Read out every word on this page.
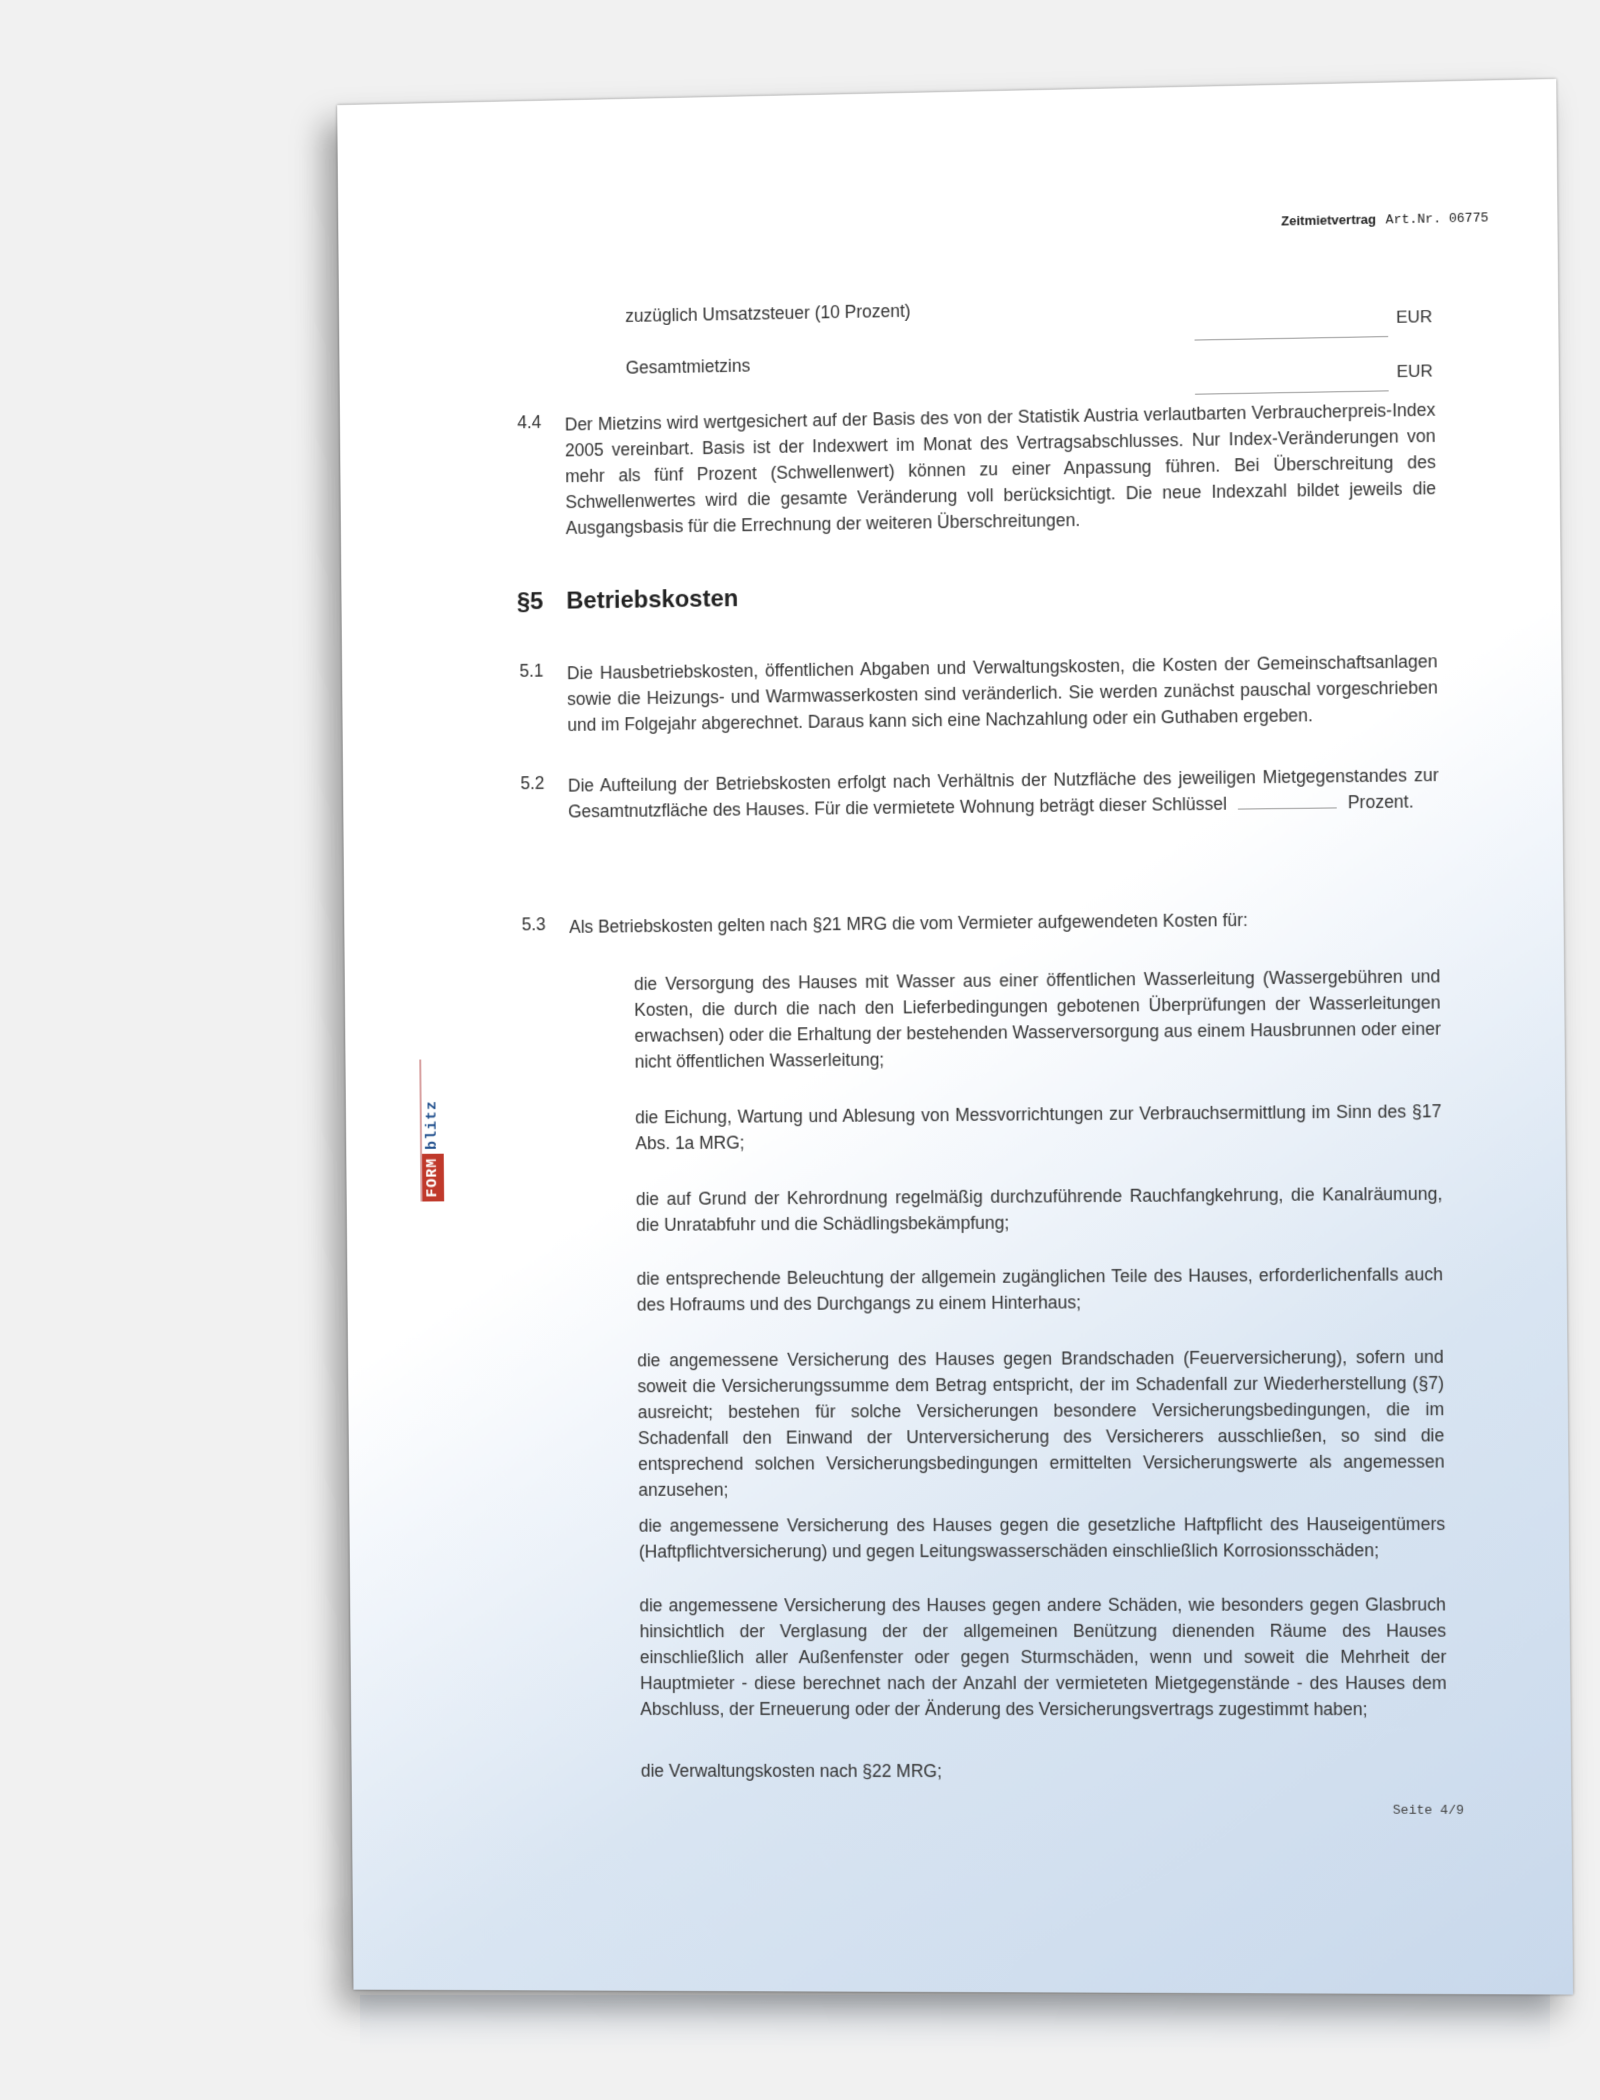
Zeitmietvertrag Art.Nr. 06775
zuzüglich Umsatzsteuer (10 Prozent)	EUR
Gesamtmietzins	EUR
4.4 Der Mietzins wird wertgesichert auf der Basis des von der Statistik Austria verlautbarten Verbraucherpreis-Index 2005 vereinbart. Basis ist der Indexwert im Monat des Vertragsabschlusses. Nur Index-Veränderungen von mehr als fünf Prozent (Schwellenwert) können zu einer Anpassung führen. Bei Überschreitung des Schwellenwertes wird die gesamte Veränderung voll berücksichtigt. Die neue Indexzahl bildet jeweils die Ausgangsbasis für die Errechnung der weiteren Überschreitungen.
§5 Betriebskosten
5.1 Die Hausbetriebskosten, öffentlichen Abgaben und Verwaltungskosten, die Kosten der Gemeinschaftsanlagen sowie die Heizungs- und Warmwasserkosten sind veränderlich. Sie werden zunächst pauschal vorgeschrieben und im Folgejahr abgerechnet. Daraus kann sich eine Nachzahlung oder ein Guthaben ergeben.
5.2 Die Aufteilung der Betriebskosten erfolgt nach Verhältnis der Nutzfläche des jeweiligen Mietgegenstandes zur Gesamtnutzfläche des Hauses. Für die vermietete Wohnung beträgt dieser Schlüssel	Prozent.
5.3 Als Betriebskosten gelten nach §21 MRG die vom Vermieter aufgewendeten Kosten für:
die Versorgung des Hauses mit Wasser aus einer öffentlichen Wasserleitung (Wassergebühren und Kosten, die durch die nach den Lieferbedingungen gebotenen Überprüfungen der Wasserleitungen erwachsen) oder die Erhaltung der bestehenden Wasserversorgung aus einem Hausbrunnen oder einer nicht öffentlichen Wasserleitung;
die Eichung, Wartung und Ablesung von Messvorrichtungen zur Verbrauchsermittlung im Sinn des §17 Abs. 1a MRG;
die auf Grund der Kehrordnung regelmäßig durchzuführende Rauchfangkehrung, die Kanalräumung, die Unratabfuhr und die Schädlingsbekämpfung;
die entsprechende Beleuchtung der allgemein zugänglichen Teile des Hauses, erforderlichenfalls auch des Hofraums und des Durchgangs zu einem Hinterhaus;
die angemessene Versicherung des Hauses gegen Brandschaden (Feuerversicherung), sofern und soweit die Versicherungssumme dem Betrag entspricht, der im Schadenfall zur Wiederherstellung (§7) ausreicht; bestehen für solche Versicherungen besondere Versicherungsbedingungen, die im Schadenfall den Einwand der Unterversicherung des Versicherers ausschließen, so sind die entsprechend solchen Versicherungsbedingungen ermittelten Versicherungswerte als angemessen anzusehen;
die angemessene Versicherung des Hauses gegen die gesetzliche Haftpflicht des Hauseigentümers (Haftpflichtversicherung) und gegen Leitungswasserschäden einschließlich Korrosionsschäden;
die angemessene Versicherung des Hauses gegen andere Schäden, wie besonders gegen Glasbruch hinsichtlich der Verglasung der der allgemeinen Benützung dienenden Räume des Hauses einschließlich aller Außenfenster oder gegen Sturmschäden, wenn und soweit die Mehrheit der Hauptmieter - diese berechnet nach der Anzahl der vermieteten Mietgegenstände - des Hauses dem Abschluss, der Erneuerung oder der Änderung des Versicherungsvertrags zugestimmt haben;
die Verwaltungskosten nach §22 MRG;
Seite 4/9
FORM
blitz
